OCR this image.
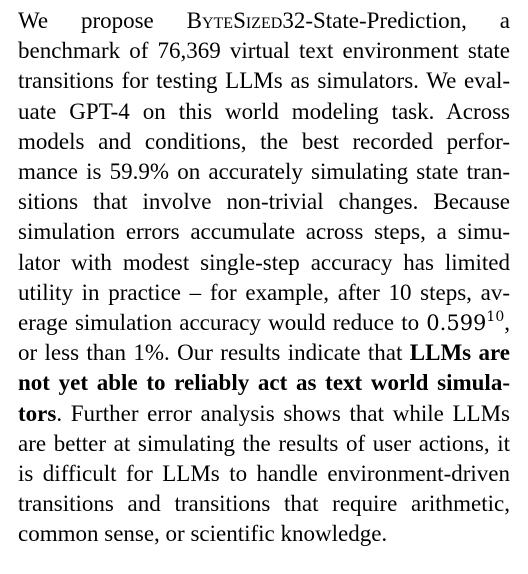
We propose ByteSized32-State-Prediction, a
benchmark of 76,369 virtual text environment state
transitions for testing LLMs as simulators. We eval-
uate GPT-4 on this world modeling task. Across
models and conditions, the best recorded perfor-
mance is 59.9% on accurately simulating state tran-
sitions that involve non-trivial changes. Because
simulation errors accumulate across steps, a simu-
lator with modest single-step accuracy has limited
utility in practice – for example, after 10 steps, av-
erage simulation accuracy would reduce to 0.599$^{10}$,
or less than 1%. Our results indicate that LLMs are
not yet able to reliably act as text world simula-
tors. Further error analysis shows that while LLMs
are better at simulating the results of user actions, it
is difficult for LLMs to handle environment-driven
transitions and transitions that require arithmetic,
common sense, or scientific knowledge.
